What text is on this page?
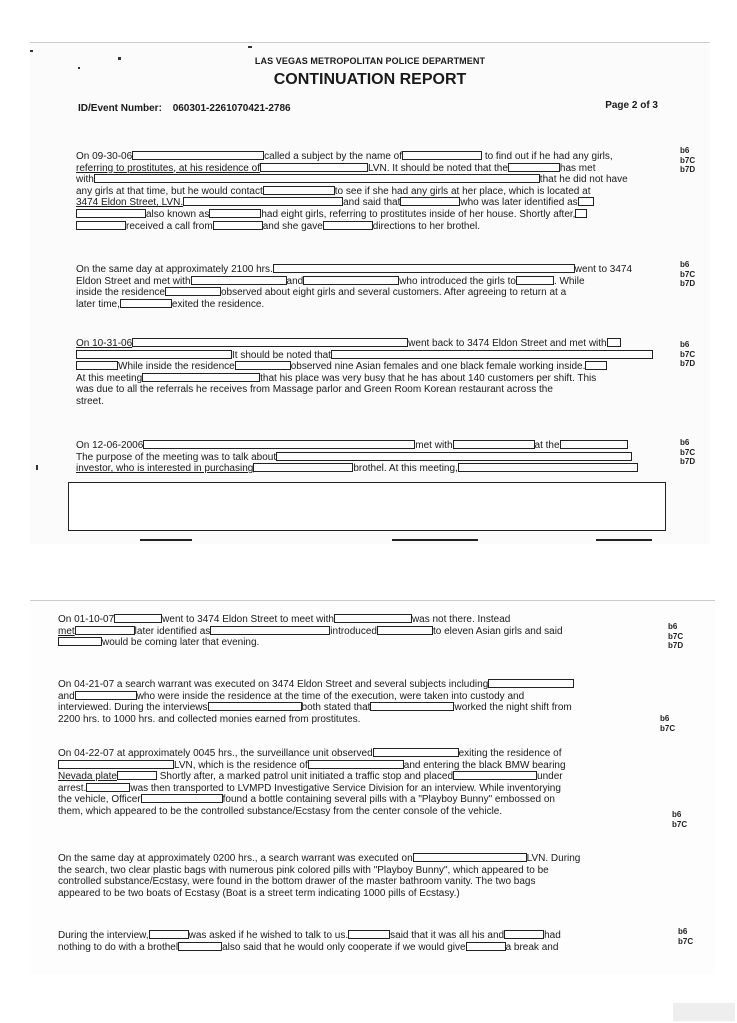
LAS VEGAS METROPOLITAN POLICE DEPARTMENT
CONTINUATION REPORT
ID/Event Number: 060301-2261070421-2786	Page 2 of 3
On 09-30-06	called a subject by the name of	to find out if he had any girls,
referring to prostitutes, at his residence of	LVN. It should be noted that the	has met
with	that he did not have
any girls at that time, but he would contact	to see if she had any girls at her place, which is located at
3474 Eldon Street, LVN.	and said that	who was later identified as
also known as	had eight girls, referring to prostitutes inside of her house. Shortly after,
received a call from	and she gave	directions to her brothel.
b6
b7C
b7D
On the same day at approximately 2100 hrs.	went to 3474
Eldon Street and met with	and	who introduced the girls to	. While
inside the residence	observed about eight girls and several customers. After agreeing to return at a
later time,	exited the residence.
b6
b7C
b7D
On 10-31-06	went back to 3474 Eldon Street and met with
It should be noted that
While inside the residence	observed nine Asian females and one black female working inside.
At this meeting	that his place was very busy that he has about 140 customers per shift. This
was due to all the referrals he receives from Massage parlor and Green Room Korean restaurant across the
street.
b6
b7C
b7D
On 12-06-2006	met with	at the
The purpose of the meeting was to talk about
investor, who is interested in purchasing	brothel. At this meeting,
b6
b7C
b7D
On 01-10-07	went to 3474 Eldon Street to meet with	was not there. Instead
met	later identified as	introduced	to eleven Asian girls and said
would be coming later that evening.
b6
b7C
b7D
On 04-21-07 a search warrant was executed on 3474 Eldon Street and several subjects including
and	who were inside the residence at the time of the execution, were taken into custody and
interviewed. During the interviews	both stated that	worked the night shift from
2200 hrs. to 1000 hrs. and collected monies earned from prostitutes.	b6
b7C
On 04-22-07 at approximately 0045 hrs., the surveillance unit observed	exiting the residence of
LVN, which is the residence of	and entering the black BMW bearing
Nevada plate	Shortly after, a marked patrol unit initiated a traffic stop and placed	under
arrest.	was then transported to LVMPD Investigative Service Division for an interview. While inventorying
the vehicle, Officer	found a bottle containing several pills with a "Playboy Bunny" embossed on
them, which appeared to be the controlled substance/Ecstasy from the center console of the vehicle.	b6
b7C
On the same day at approximately 0200 hrs., a search warrant was executed on	LVN. During
the search, two clear plastic bags with numerous pink colored pills with "Playboy Bunny", which appeared to be
controlled substance/Ecstasy, were found in the bottom drawer of the master bathroom vanity. The two bags
appeared to be two boats of Ecstasy (Boat is a street term indicating 1000 pills of Ecstasy.)
During the interview,	was asked if he wished to talk to us.	said that it was all his and	had
nothing to do with a brothel	also said that he would only cooperate if we would give	a break and
b6
b7C
